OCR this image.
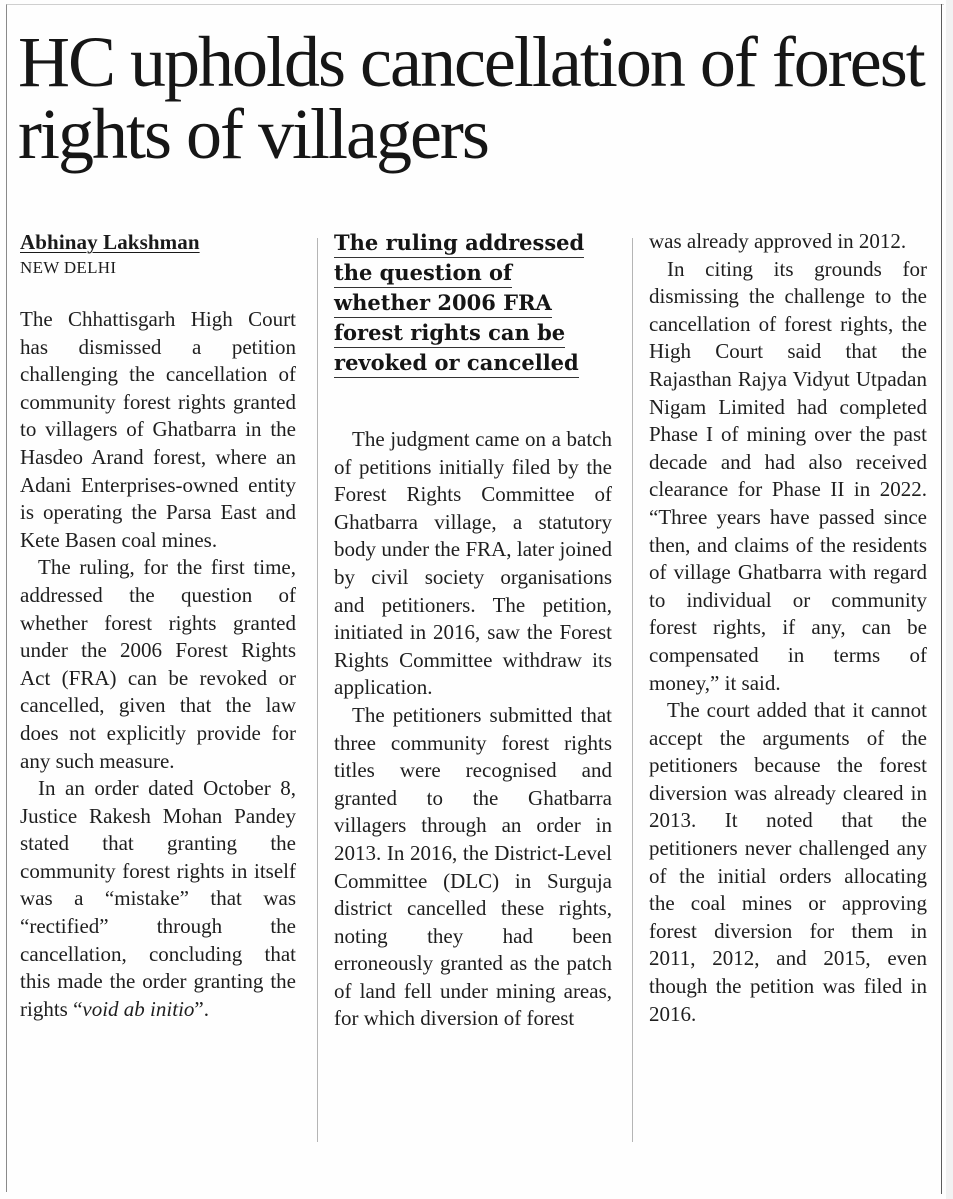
HC upholds cancellation of forest rights of villagers
Abhinay Lakshman
NEW DELHI

The Chhattisgarh High Court has dismissed a petition challenging the cancellation of community forest rights granted to villagers of Ghatbarra in the Hasdeo Arand forest, where an Adani Enterprises-owned entity is operating the Parsa East and Kete Basen coal mines.

The ruling, for the first time, addressed the question of whether forest rights granted under the 2006 Forest Rights Act (FRA) can be revoked or cancelled, given that the law does not explicitly provide for any such measure.

In an order dated October 8, Justice Rakesh Mohan Pandey stated that granting the community forest rights in itself was a “mistake” that was “rectified” through the cancellation, concluding that this made the order granting the rights “void ab initio”.

The ruling addressed the question of whether 2006 FRA forest rights can be revoked or cancelled

The judgment came on a batch of petitions initially filed by the Forest Rights Committee of Ghatbarra village, a statutory body under the FRA, later joined by civil society organisations and petitioners. The petition, initiated in 2016, saw the Forest Rights Committee withdraw its application.

The petitioners submitted that three community forest rights titles were recognised and granted to the Ghatbarra villagers through an order in 2013. In 2016, the District-Level Committee (DLC) in Surguja district cancelled these rights, noting they had been erroneously granted as the patch of land fell under mining areas, for which diversion of forest

was already approved in 2012.

In citing its grounds for dismissing the challenge to the cancellation of forest rights, the High Court said that the Rajasthan Rajya Vidyut Utpadan Nigam Limited had completed Phase I of mining over the past decade and had also received clearance for Phase II in 2022. “Three years have passed since then, and claims of the residents of village Ghatbarra with regard to individual or community forest rights, if any, can be compensated in terms of money,” it said.

The court added that it cannot accept the arguments of the petitioners because the forest diversion was already cleared in 2013. It noted that the petitioners never challenged any of the initial orders allocating the coal mines or approving forest diversion for them in 2011, 2012, and 2015, even though the petition was filed in 2016.
